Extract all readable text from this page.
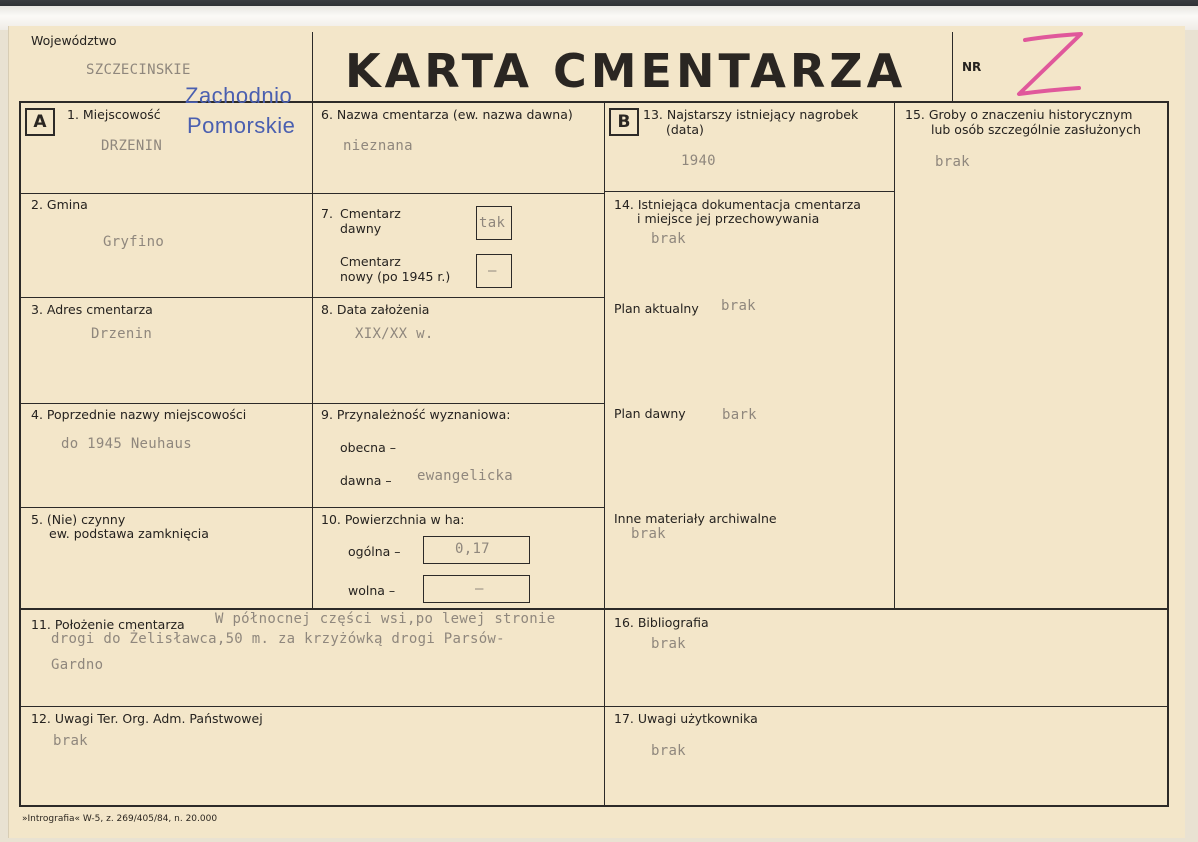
Województwo
SZCZECINSKIE
Zachodnio
Pomorskie
KARTA CMENTARZA	NR
A	B
1. Miejscowość
DRZENIN
6. Nazwa cmentarza (ew. nazwa dawna)
nieznana
13. Najstarszy istniejący nagrobek
(data)
1940
15. Groby o znaczeniu historycznym
lub osób szczególnie zasłużonych
brak
2. Gmina
Gryfino
7. Cmentarz
dawny	tak
Cmentarz
nowy (po 1945 r.)	–
14. Istniejąca dokumentacja cmentarza
i miejsce jej przechowywania
brak
3. Adres cmentarza
Drzenin
8. Data założenia
XIX/XX w.
Plan aktualny brak
4. Poprzednie nazwy miejscowości
do 1945 Neuhaus
9. Przynależność wyznaniowa:
obecna –
dawna – ewangelicka
Plan dawny	bark
5. (Nie) czynny
ew. podstawa zamknięcia
10. Powierzchnia w ha:
ogólna –	0,17
wolna –	–
Inne materiały archiwalne
brak
11. Położenie cmentarza W północnej części wsi,po lewej stronie
drogi do Żelisławca,50 m. za krzyżówką drogi Parsów-
Gardno
16. Bibliografia
brak
12. Uwagi Ter. Org. Adm. Państwowej
brak
17. Uwagi użytkownika
brak
»Intrografia« W-5, z. 269/405/84, n. 20.000
